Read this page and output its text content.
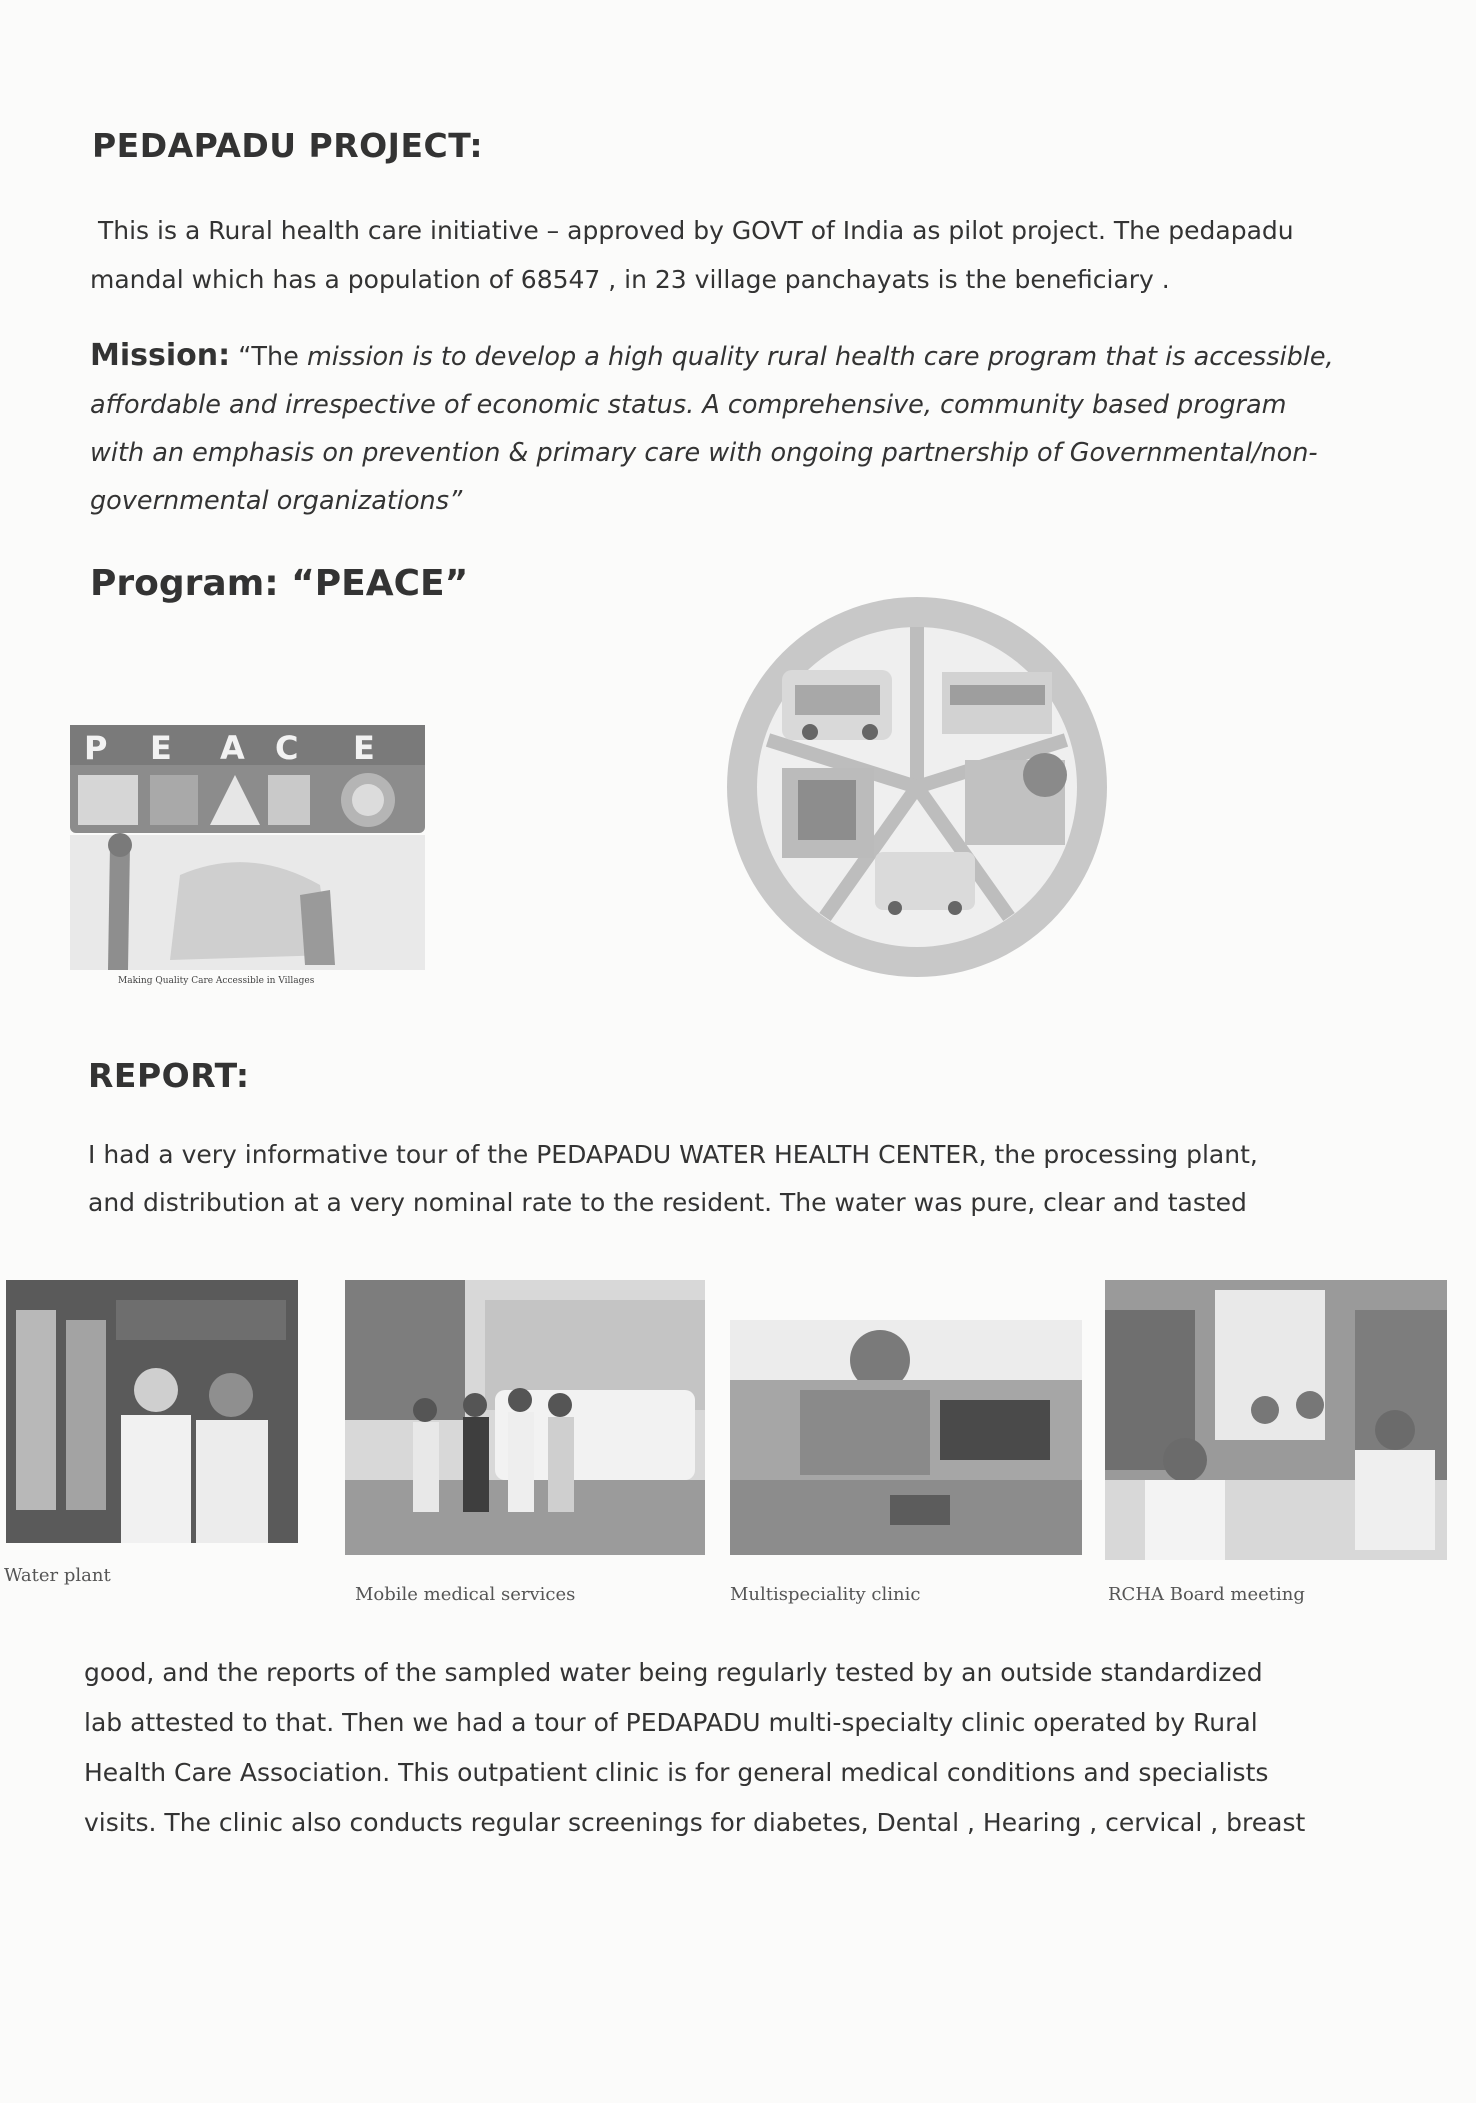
PEDAPADU PROJECT:
This is a Rural health care initiative – approved by GOVT of India as pilot project. The pedapadu
mandal which has a population of 68547 , in 23 village panchayats is the beneficiary .
Mission: “The mission is to develop a high quality rural health care program that is accessible,
affordable and irrespective of economic status. A comprehensive, community based program
with an emphasis on prevention & primary care with ongoing partnership of Governmental/non-
governmental organizations”
Program: “PEACE”
P E A C E
Making Quality Care Accessible in Villages
REPORT:
I had a very informative tour of the PEDAPADU WATER HEALTH CENTER, the processing plant,
and distribution at a very nominal rate to the resident. The water was pure, clear and tasted
Water plant
Mobile medical services	Multispeciality clinic	RCHA Board meeting
good, and the reports of the sampled water being regularly tested by an outside standardized
lab attested to that. Then we had a tour of PEDAPADU multi-specialty clinic operated by Rural
Health Care Association. This outpatient clinic is for general medical conditions and specialists
visits. The clinic also conducts regular screenings for diabetes, Dental , Hearing , cervical , breast
